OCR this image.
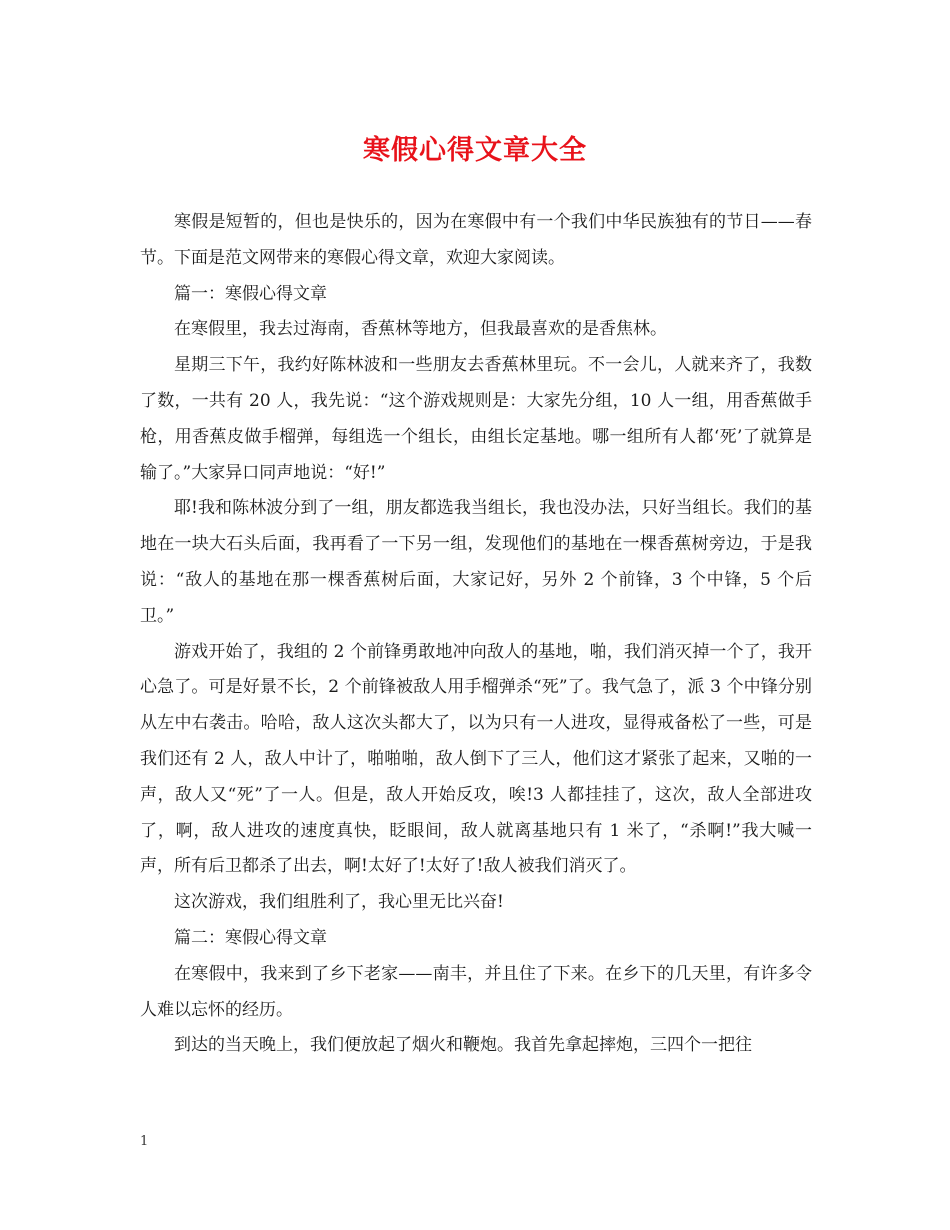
寒假心得文章大全

寒假是短暂的，但也是快乐的，因为在寒假中有一个我们中华民族独有的节日——春节。下面是范文网带来的寒假心得文章，欢迎大家阅读。

篇一：寒假心得文章

在寒假里，我去过海南，香蕉林等地方，但我最喜欢的是香焦林。

星期三下午，我约好陈林波和一些朋友去香蕉林里玩。不一会儿，人就来齐了，我数了数，一共有 20 人，我先说：“这个游戏规则是：大家先分组，10 人一组，用香蕉做手枪，用香蕉皮做手榴弹，每组选一个组长，由组长定基地。哪一组所有人都‘死’了就算是输了。”大家异口同声地说：“好!”

耶!我和陈林波分到了一组，朋友都选我当组长，我也没办法，只好当组长。我们的基地在一块大石头后面，我再看了一下另一组，发现他们的基地在一棵香蕉树旁边，于是我说：“敌人的基地在那一棵香蕉树后面，大家记好，另外 2 个前锋，3 个中锋，5 个后卫。”

游戏开始了，我组的 2 个前锋勇敢地冲向敌人的基地，啪，我们消灭掉一个了，我开心急了。可是好景不长，2 个前锋被敌人用手榴弹杀“死”了。我气急了，派 3 个中锋分别从左中右袭击。哈哈，敌人这次头都大了，以为只有一人进攻，显得戒备松了一些，可是我们还有 2 人，敌人中计了，啪啪啪，敌人倒下了三人，他们这才紧张了起来，又啪的一声，敌人又“死”了一人。但是，敌人开始反攻，唉!3 人都挂挂了，这次，敌人全部进攻了，啊，敌人进攻的速度真快，眨眼间，敌人就离基地只有 1 米了，“杀啊!”我大喊一声，所有后卫都杀了出去，啊!太好了!太好了!敌人被我们消灭了。

这次游戏，我们组胜利了，我心里无比兴奋!

篇二：寒假心得文章

在寒假中，我来到了乡下老家——南丰，并且住了下来。在乡下的几天里，有许多令人难以忘怀的经历。

到达的当天晚上，我们便放起了烟火和鞭炮。我首先拿起摔炮，三四个一把往

1
